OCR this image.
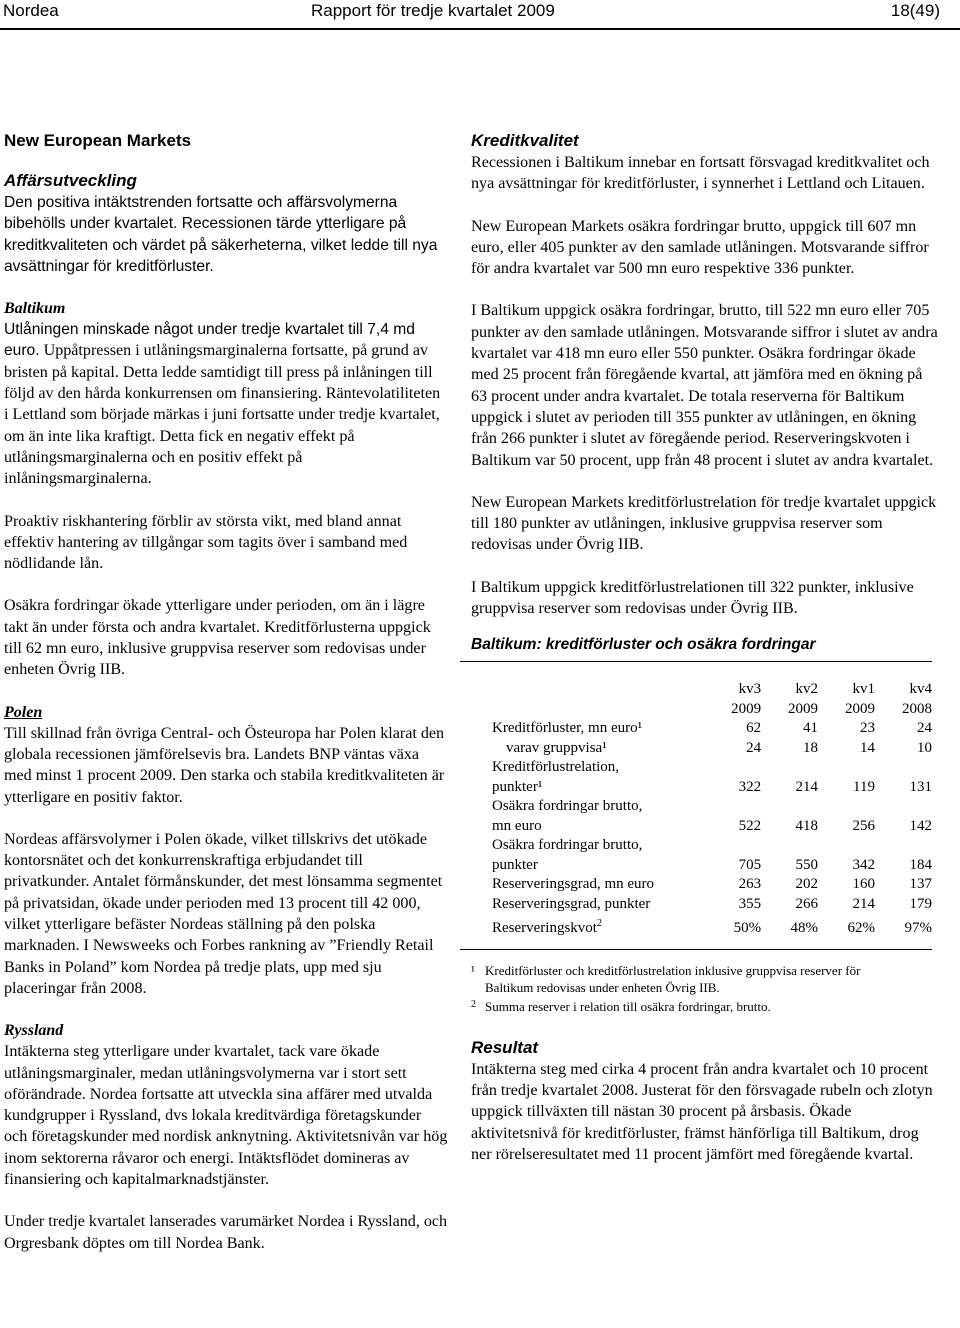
Nordea	Rapport för tredje kvartalet 2009	18(49)

New European Markets

Affärsutveckling

Den positiva intäktstrenden fortsatte och affärsvolymerna bibehölls under kvartalet. Recessionen tärde ytterligare på kreditkvaliteten och värdet på säkerheterna, vilket ledde till nya avsättningar för kreditförluster.

Baltikum

Utlåningen minskade något under tredje kvartalet till 7,4 md euro. Uppåtpressen i utlåningsmarginalerna fortsatte, på grund av bristen på kapital. Detta ledde samtidigt till press på inlåningen till följd av den hårda konkurrensen om finansiering. Räntevolatiliteten i Lettland som började märkas i juni fortsatte under tredje kvartalet, om än inte lika kraftigt. Detta fick en negativ effekt på utlåningsmarginalerna och en positiv effekt på inlåningsmarginalerna.

Proaktiv riskhantering förblir av största vikt, med bland annat effektiv hantering av tillgångar som tagits över i samband med nödlidande lån.

Osäkra fordringar ökade ytterligare under perioden, om än i lägre takt än under första och andra kvartalet. Kreditförlusterna uppgick till 62 mn euro, inklusive gruppvisa reserver som redovisas under enheten Övrig IIB.

Polen

Till skillnad från övriga Central- och Östeuropa har Polen klarat den globala recessionen jämförelsevis bra. Landets BNP väntas växa med minst 1 procent 2009. Den starka och stabila kreditkvaliteten är ytterligare en positiv faktor.

Nordeas affärsvolymer i Polen ökade, vilket tillskrivs det utökade kontorsnätet och det konkurrenskraftiga erbjudandet till privatkunder. Antalet förmånskunder, det mest lönsamma segmentet på privatsidan, ökade under perioden med 13 procent till 42 000, vilket ytterligare befäster Nordeas ställning på den polska marknaden. I Newsweeks och Forbes rankning av ”Friendly Retail Banks in Poland” kom Nordea på tredje plats, upp med sju placeringar från 2008.

Ryssland

Intäkterna steg ytterligare under kvartalet, tack vare ökade utlåningsmarginaler, medan utlåningsvolymerna var i stort sett oförändrade. Nordea fortsatte att utveckla sina affärer med utvalda kundgrupper i Ryssland, dvs lokala kreditvärdiga företagskunder och företagskunder med nordisk anknytning. Aktivitetsnivån var hög inom sektorerna råvaror och energi. Intäktsflödet domineras av finansiering och kapitalmarknadstjänster.

Under tredje kvartalet lanserades varumärket Nordea i Ryssland, och Orgresbank döptes om till Nordea Bank.

Kreditkvalitet

Recessionen i Baltikum innebar en fortsatt försvagad kreditkvalitet och nya avsättningar för kreditförluster, i synnerhet i Lettland och Litauen.

New European Markets osäkra fordringar brutto, uppgick till 607 mn euro, eller 405 punkter av den samlade utlåningen. Motsvarande siffror för andra kvartalet var 500 mn euro respektive 336 punkter.

I Baltikum uppgick osäkra fordringar, brutto, till 522 mn euro eller 705 punkter av den samlade utlåningen. Motsvarande siffror i slutet av andra kvartalet var 418 mn euro eller 550 punkter. Osäkra fordringar ökade med 25 procent från föregående kvartal, att jämföra med en ökning på 63 procent under andra kvartalet. De totala reserverna för Baltikum uppgick i slutet av perioden till 355 punkter av utlåningen, en ökning från 266 punkter i slutet av föregående period. Reserveringskvoten i Baltikum var 50 procent, upp från 48 procent i slutet av andra kvartalet.

New European Markets kreditförlustrelation för tredje kvartalet uppgick till 180 punkter av utlåningen, inklusive gruppvisa reserver som redovisas under Övrig IIB.

I Baltikum uppgick kreditförlustrelationen till 322 punkter, inklusive gruppvisa reserver som redovisas under Övrig IIB.

Baltikum: kreditförluster och osäkra fordringar

		kv3	kv2	kv1	kv4
		2009	2009	2009	2008
Kreditförluster, mn euro¹		62	41	23	24
varav gruppvisa¹		24	18	14	10
Kreditförlustrelation,					
punkter¹		322	214	119	131
Osäkra fordringar brutto,					
mn euro		522	418	256	142
Osäkra fordringar brutto,					
punkter		705	550	342	184
Reserveringsgrad, mn euro		263	202	160	137
Reserveringsgrad, punkter		355	266	214	179
Reserveringskvot$^2$		50%	48%	62%	97%

¹ Kreditförluster och kreditförlustrelation inklusive gruppvisa reserver för

Baltikum redovisas under enheten Övrig IIB.

2 Summa reserver i relation till osäkra fordringar, brutto.

Resultat

Intäkterna steg med cirka 4 procent från andra kvartalet och 10 procent från tredje kvartalet 2008. Justerat för den försvagade rubeln och zlotyn uppgick tillväxten till nästan 30 procent på årsbasis. Ökade aktivitetsnivå för kreditförluster, främst hänförliga till Baltikum, drog ner rörelseresultatet med 11 procent jämfört med föregående kvartal.
